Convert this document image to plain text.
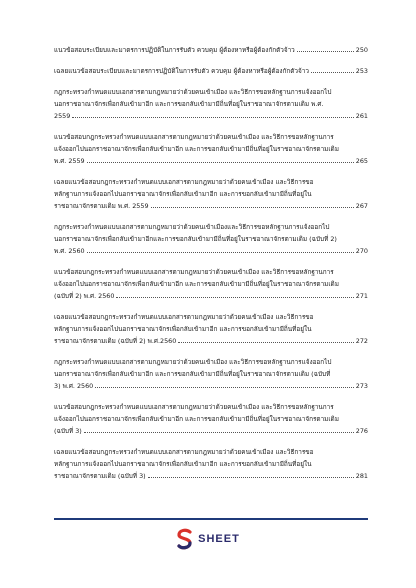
แนวข้อสอบระเบียบและมาตรการปฏิบัติในการรับตัว ควบคุม ผู้ต้องหาหรือผู้ต้องกักตัวจ้าว	250
เฉลยแนวข้อสอบระเบียบและมาตรการปฏิบัติในการรับตัว ควบคุม ผู้ต้องหาหรือผู้ต้องกักตัวจ้าว	253
กฎกระทรวงกำหนดแบบเอกสารตามกฎหมายว่าด้วยคนเข้าเมือง และวิธีการขอหลักฐานการแจ้งออกไป
นอกราชอาณาจักรเพื่อกลับเข้ามาอีก และการขอกลับเข้ามามีถิ่นที่อยู่ในราชอาณาจักรตามเดิม พ.ศ.
2559	261
แนวข้อสอบกฎกระทรวงกำหนดแบบเอกสารตามกฎหมายว่าด้วยคนเข้าเมือง และวิธีการขอหลักฐานการ
แจ้งออกไปนอกราชอาณาจักรเพื่อกลับเข้ามาอีก และการขอกลับเข้ามามีถิ่นที่อยู่ในราชอาณาจักรตามเดิม
พ.ศ. 2559	265
เฉลยแนวข้อสอบกฎกระทรวงกำหนดแบบเอกสารตามกฎหมายว่าด้วยคนเข้าเมือง และวิธีการขอ
หลักฐานการแจ้งออกไปนอกราชอาณาจักรเพื่อกลับเข้ามาอีก และการขอกลับเข้ามามีถิ่นที่อยู่ใน
ราชอาณาจักรตามเดิม พ.ศ. 2559	267
กฎกระทรวงกำหนดแบบเอกสารตามกฎหมายว่าด้วยคนเข้าเมืองและวิธีการขอหลักฐานการแจ้งออกไป
นอกราชอาณาจักรเพื่อกลับเข้ามาอีกและการขอกลับเข้ามามีถิ่นที่อยู่ในราชอาณาจักรตามเดิม (ฉบับที่ 2)
พ.ศ. 2560	270
แนวข้อสอบกฎกระทรวงกำหนดแบบเอกสารตามกฎหมายว่าด้วยคนเข้าเมือง และวิธีการขอหลักฐานการ
แจ้งออกไปนอกราชอาณาจักรเพื่อกลับเข้ามาอีก และการขอกลับเข้ามามีถิ่นที่อยู่ในราชอาณาจักรตามเดิม
(ฉบับที่ 2) พ.ศ. 2560	271
เฉลยแนวข้อสอบกฎกระทรวงกำหนดแบบเอกสารตามกฎหมายว่าด้วยคนเข้าเมือง และวิธีการขอ
หลักฐานการแจ้งออกไปนอกราชอาณาจักรเพื่อกลับเข้ามาอีก และการขอกลับเข้ามามีถิ่นที่อยู่ใน
ราชอาณาจักรตามเดิม (ฉบับที่ 2) พ.ศ.2560	272
กฎกระทรวงกำหนดแบบเอกสารตามกฎหมายว่าด้วยคนเข้าเมือง และวิธีการขอหลักฐานการแจ้งออกไป
นอกราชอาณาจักรเพื่อกลับเข้ามาอีก และการขอกลับเข้ามามีถิ่นที่อยู่ในราชอาณาจักรตามเดิม (ฉบับที่
3) พ.ศ. 2560	273
แนวข้อสอบกฎกระทรวงกำหนดแบบเอกสารตามกฎหมายว่าด้วยคนเข้าเมือง และวิธีการขอหลักฐานการ
แจ้งออกไปนอกราชอาณาจักรเพื่อกลับเข้ามาอีก และการขอกลับเข้ามามีถิ่นที่อยู่ในราชอาณาจักรตามเดิม
(ฉบับที่ 3)	276
เฉลยแนวข้อสอบกฎกระทรวงกำหนดแบบเอกสารตามกฎหมายว่าด้วยคนเข้าเมือง และวิธีการขอ
หลักฐานการแจ้งออกไปนอกราชอาณาจักรเพื่อกลับเข้ามาอีก และการขอกลับเข้ามามีถิ่นที่อยู่ใน
ราชอาณาจักรตามเดิม (ฉบับที่ 3)	281
SHEET
